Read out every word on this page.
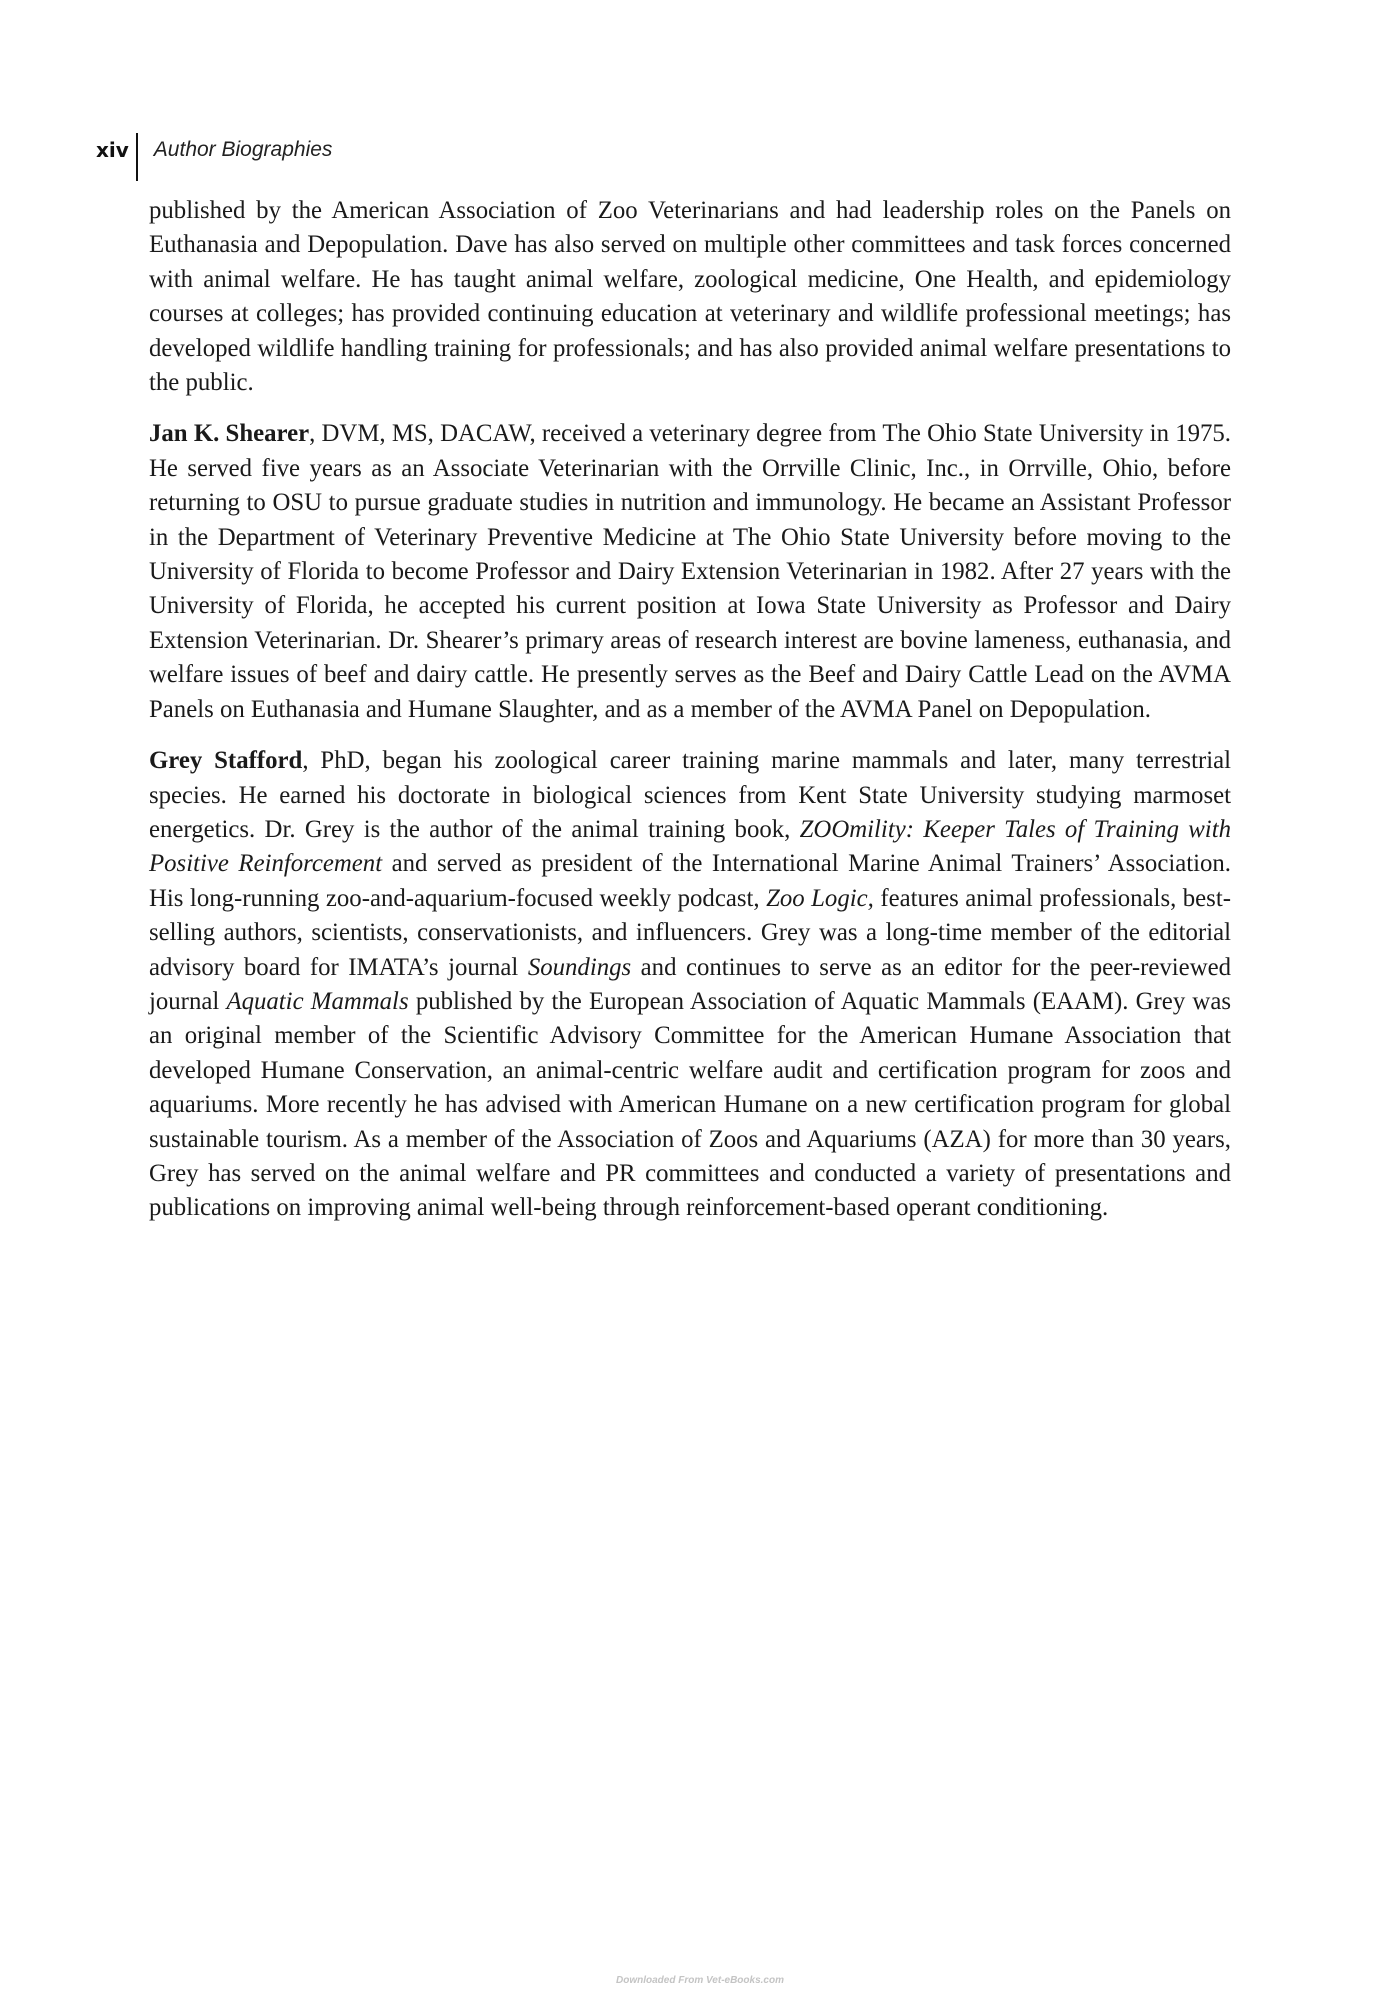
xiv	Author Biographies

published by the American Association of Zoo Veterinarians and had leadership roles on the Panels on Euthanasia and Depopulation. Dave has also served on multiple other committees and task forces concerned with animal welfare. He has taught animal welfare, zoological medicine, One Health, and epidemiology courses at colleges; has provided continuing education at veterinary and wildlife professional meetings; has developed wildlife handling training for professionals; and has also provided animal welfare presentations to the public.

Jan K. Shearer, DVM, MS, DACAW, received a veterinary degree from The Ohio State University in 1975. He served five years as an Associate Veterinarian with the Orrville Clinic, Inc., in Orrville, Ohio, before returning to OSU to pursue graduate studies in nutrition and immunology. He became an Assistant Professor in the Department of Veterinary Preventive Medicine at The Ohio State University before moving to the University of Florida to become Professor and Dairy Extension Veterinarian in 1982. After 27 years with the University of Florida, he accepted his current position at Iowa State University as Professor and Dairy Extension Veterinarian. Dr. Shearer’s primary areas of research interest are bovine lameness, euthanasia, and welfare issues of beef and dairy cattle. He presently serves as the Beef and Dairy Cattle Lead on the AVMA Panels on Euthanasia and Humane Slaughter, and as a member of the AVMA Panel on Depopulation.

Grey Stafford, PhD, began his zoological career training marine mammals and later, many terrestrial species. He earned his doctorate in biological sciences from Kent State University studying marmoset energetics. Dr. Grey is the author of the animal training book, ZOOmility: Keeper Tales of Training with Positive Reinforcement and served as president of the International Marine Animal Trainers’ Association. His long-running zoo-and-aquarium-focused weekly podcast, Zoo Logic, features animal professionals, best-selling authors, scientists, conservationists, and influencers. Grey was a long-time member of the editorial advisory board for IMATA’s journal Soundings and continues to serve as an editor for the peer-reviewed journal Aquatic Mammals published by the European Association of Aquatic Mammals (EAAM). Grey was an original member of the Scientific Advisory Committee for the American Humane Association that developed Humane Conservation, an animal-centric welfare audit and certification program for zoos and aquariums. More recently he has advised with American Humane on a new certification program for global sustainable tourism. As a member of the Association of Zoos and Aquariums (AZA) for more than 30 years, Grey has served on the animal welfare and PR committees and conducted a variety of presentations and publications on improving animal well-being through reinforcement-based operant conditioning.

Downloaded From Vet-eBooks.com
